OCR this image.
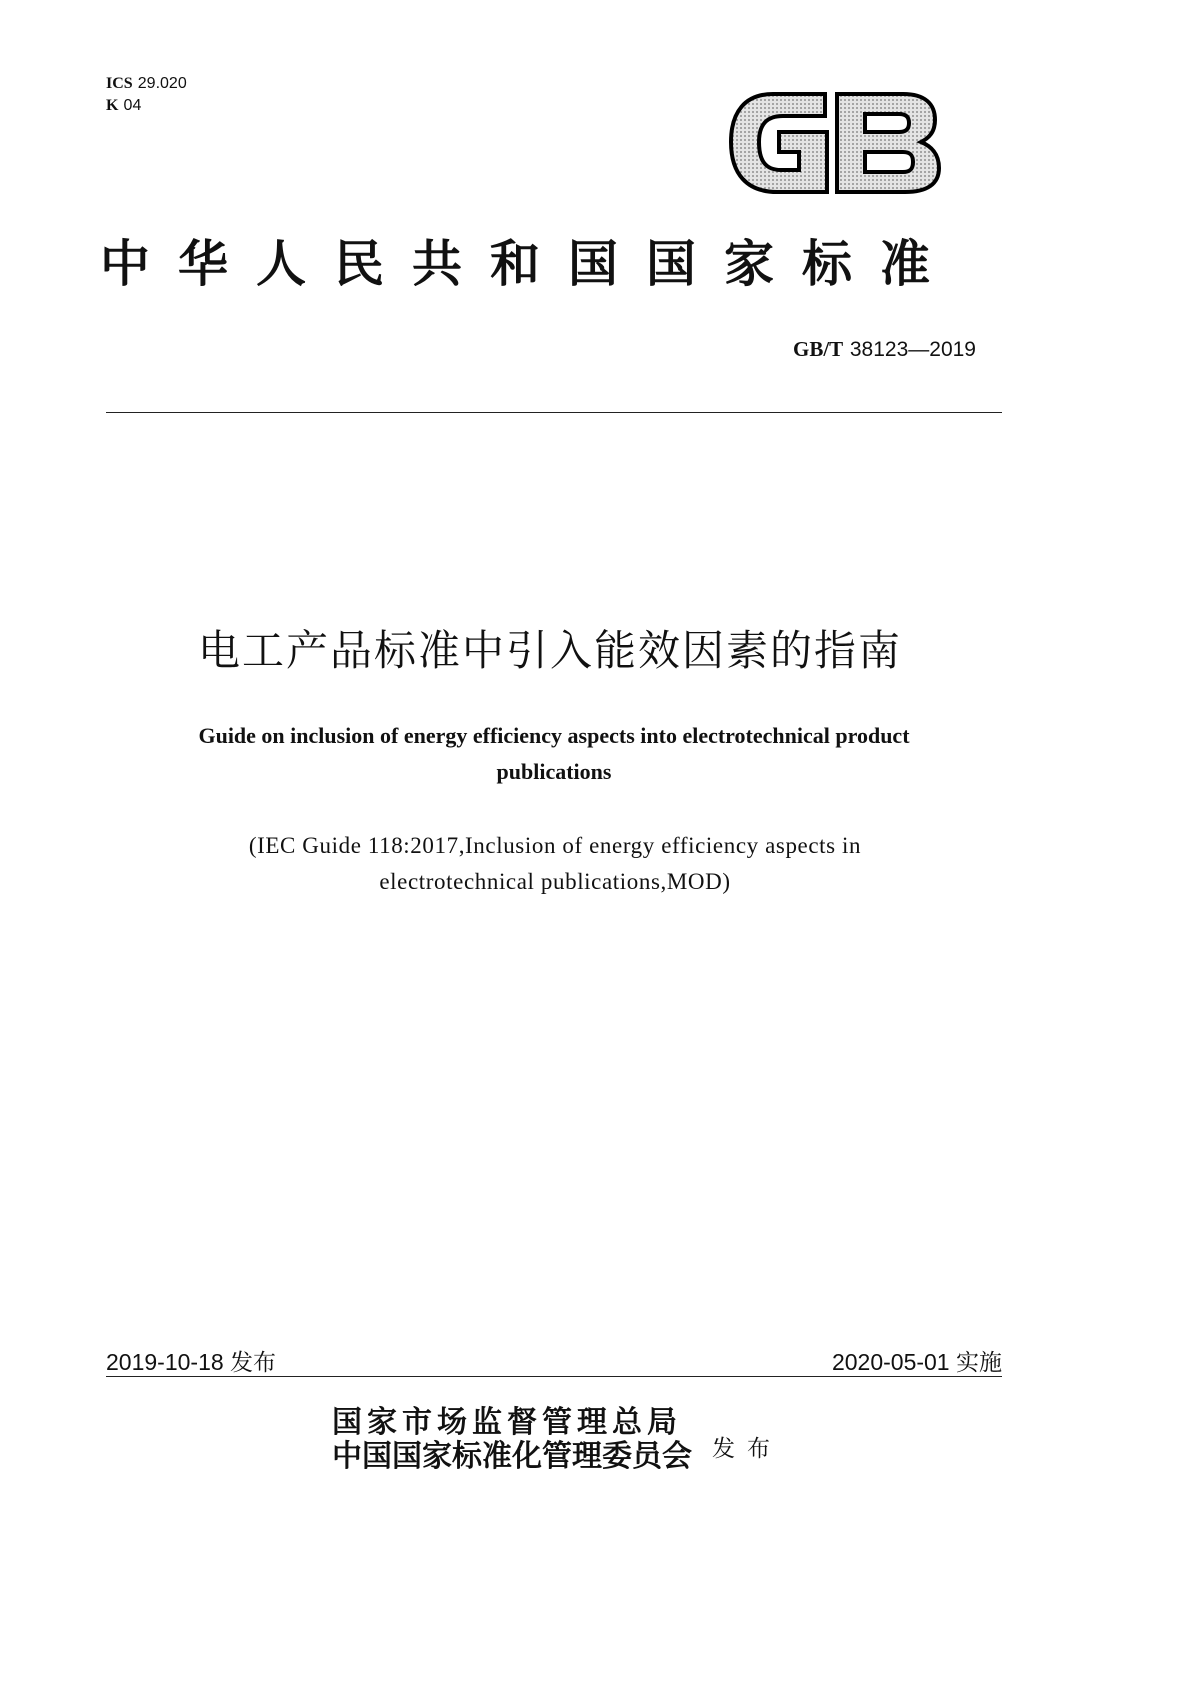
ICS 29.020
K 04
中华人民共和国国家标准
GB/T 38123—2019
电工产品标准中引入能效因素的指南
Guide on inclusion of energy efficiency aspects into electrotechnical product
publications
(IEC Guide 118:2017,Inclusion of energy efficiency aspects in
electrotechnical publications,MOD)
2019-10-18 发布	2020-05-01 实施
国家市场监督管理总局
中国国家标准化管理委员会 发布
